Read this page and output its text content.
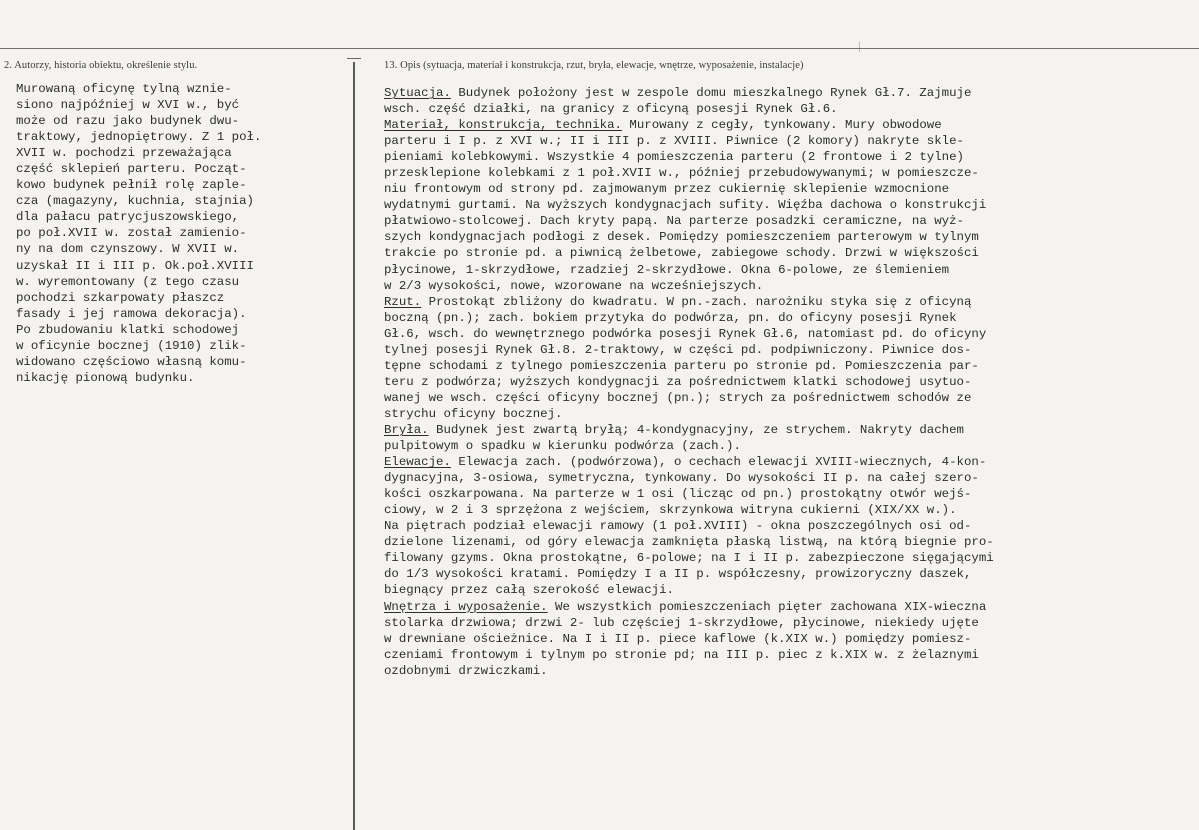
2. Autorzy, historia obiektu, określenie stylu.	13. Opis (sytuacja, materiał i konstrukcja, rzut, bryła, elewacje, wnętrze, wyposażenie, instalacje)
Murowaną oficynę tylną wznie-
siono najpóźniej w XVI w., być
może od razu jako budynek dwu-
traktowy, jednopiętrowy. Z 1 poł.
XVII w. pochodzi przeważająca
część sklepień parteru. Począt-
kowo budynek pełnił rolę zaple-
cza (magazyny, kuchnia, stajnia)
dla pałacu patrycjuszowskiego,
po poł.XVII w. został zamienio-
ny na dom czynszowy. W XVII w.
uzyskał II i III p. Ok.poł.XVIII
w. wyremontowany (z tego czasu
pochodzi szkarpowaty płaszcz
fasady i jej ramowa dekoracja).
Po zbudowaniu klatki schodowej
w oficynie bocznej (1910) zlik-
widowano częściowo własną komu-
nikację pionową budynku.
Sytuacja. Budynek położony jest w zespole domu mieszkalnego Rynek Gł.7. Zajmuje
wsch. część działki, na granicy z oficyną posesji Rynek Gł.6.
Materiał, konstrukcja, technika. Murowany z cegły, tynkowany. Mury obwodowe
parteru i I p. z XVI w.; II i III p. z XVIII. Piwnice (2 komory) nakryte skle-
pieniami kolebkowymi. Wszystkie 4 pomieszczenia parteru (2 frontowe i 2 tylne)
przesklepione kolebkami z 1 poł.XVII w., później przebudowywanymi; w pomieszcze-
niu frontowym od strony pd. zajmowanym przez cukiernię sklepienie wzmocnione
wydatnymi gurtami. Na wyższych kondygnacjach sufity. Więźba dachowa o konstrukcji
płatwiowo-stolcowej. Dach kryty papą. Na parterze posadzki ceramiczne, na wyż-
szych kondygnacjach podłogi z desek. Pomiędzy pomieszczeniem parterowym w tylnym
trakcie po stronie pd. a piwnicą żelbetowe, zabiegowe schody. Drzwi w większości
płycinowe, 1-skrzydłowe, rzadziej 2-skrzydłowe. Okna 6-polowe, ze ślemieniem
w 2/3 wysokości, nowe, wzorowane na wcześniejszych.
Rzut. Prostokąt zbliżony do kwadratu. W pn.-zach. narożniku styka się z oficyną
boczną (pn.); zach. bokiem przytyka do podwórza, pn. do oficyny posesji Rynek
Gł.6, wsch. do wewnętrznego podwórka posesji Rynek Gł.6, natomiast pd. do oficyny
tylnej posesji Rynek Gł.8. 2-traktowy, w części pd. podpiwniczony. Piwnice dos-
tępne schodami z tylnego pomieszczenia parteru po stronie pd. Pomieszczenia par-
teru z podwórza; wyższych kondygnacji za pośrednictwem klatki schodowej usytuo-
wanej we wsch. części oficyny bocznej (pn.); strych za pośrednictwem schodów ze
strychu oficyny bocznej.
Bryła. Budynek jest zwartą bryłą; 4-kondygnacyjny, ze strychem. Nakryty dachem
pulpitowym o spadku w kierunku podwórza (zach.).
Elewacje. Elewacja zach. (podwórzowa), o cechach elewacji XVIII-wiecznych, 4-kon-
dygnacyjna, 3-osiowa, symetryczna, tynkowany. Do wysokości II p. na całej szero-
kości oszkarpowana. Na parterze w 1 osi (licząc od pn.) prostokątny otwór wejś-
ciowy, w 2 i 3 sprzężona z wejściem, skrzynkowa witryna cukierni (XIX/XX w.).
Na piętrach podział elewacji ramowy (1 poł.XVIII) - okna poszczególnych osi od-
dzielone lizenami, od góry elewacja zamknięta płaską listwą, na którą biegnie pro-
filowany gzyms. Okna prostokątne, 6-polowe; na I i II p. zabezpieczone sięgającymi
do 1/3 wysokości kratami. Pomiędzy I a II p. współczesny, prowizoryczny daszek,
biegnący przez całą szerokość elewacji.
Wnętrza i wyposażenie. We wszystkich pomieszczeniach pięter zachowana XIX-wieczna
stolarka drzwiowa; drzwi 2- lub częściej 1-skrzydłowe, płycinowe, niekiedy ujęte
w drewniane ościeżnice. Na I i II p. piece kaflowe (k.XIX w.) pomiędzy pomiesz-
czeniami frontowym i tylnym po stronie pd; na III p. piec z k.XIX w. z żelaznymi
ozdobnymi drzwiczkami.
